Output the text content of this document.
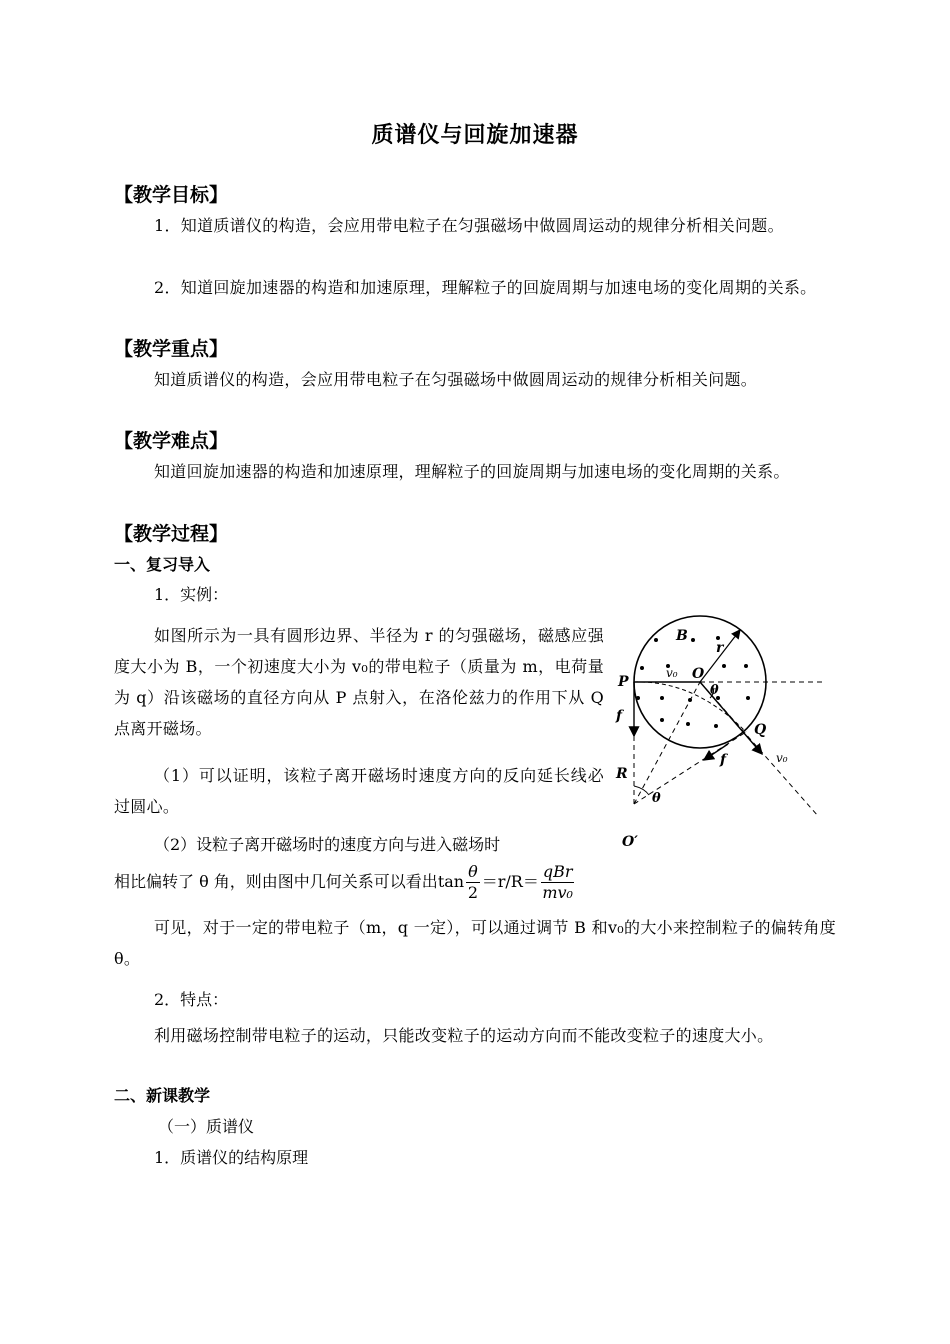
质谱仪与回旋加速器
【教学目标】
1．知道质谱仪的构造，会应用带电粒子在匀强磁场中做圆周运动的规律分析相关问题。
2．知道回旋加速器的构造和加速原理，理解粒子的回旋周期与加速电场的变化周期的关系。
【教学重点】
知道质谱仪的构造，会应用带电粒子在匀强磁场中做圆周运动的规律分析相关问题。
【教学难点】
知道回旋加速器的构造和加速原理，理解粒子的回旋周期与加速电场的变化周期的关系。
【教学过程】
一、复习导入
1．实例：
如图所示为一具有圆形边界、半径为 r 的匀强磁场，磁感应强度大小为 B，一个初速度大小为 v₀的带电粒子（质量为 m，电荷量为 q）沿该磁场的直径方向从 P 点射入，在洛伦兹力的作用下从 Q 点离开磁场。
（1）可以证明，该粒子离开磁场时速度方向的反向延长线必过圆心。
（2）设粒子离开磁场时的速度方向与进入磁场时
相比偏转了 θ 角，则由图中几何关系可以看出$\tan \frac{\theta}{2} =r/R= \frac{\text{qBr}}{\text{mv₀}}$
可见，对于一定的带电粒子（m，q 一定），可以通过调节 B 和v₀的大小来控制粒子的偏转角度 θ。
2．特点：
利用磁场控制带电粒子的运动，只能改变粒子的运动方向而不能改变粒子的速度大小。
二、新课教学
（一）质谱仪
1．质谱仪的结构原理
B
r
P
v₀ O
θ
f
Q
v₀
f
R
θ
O′
